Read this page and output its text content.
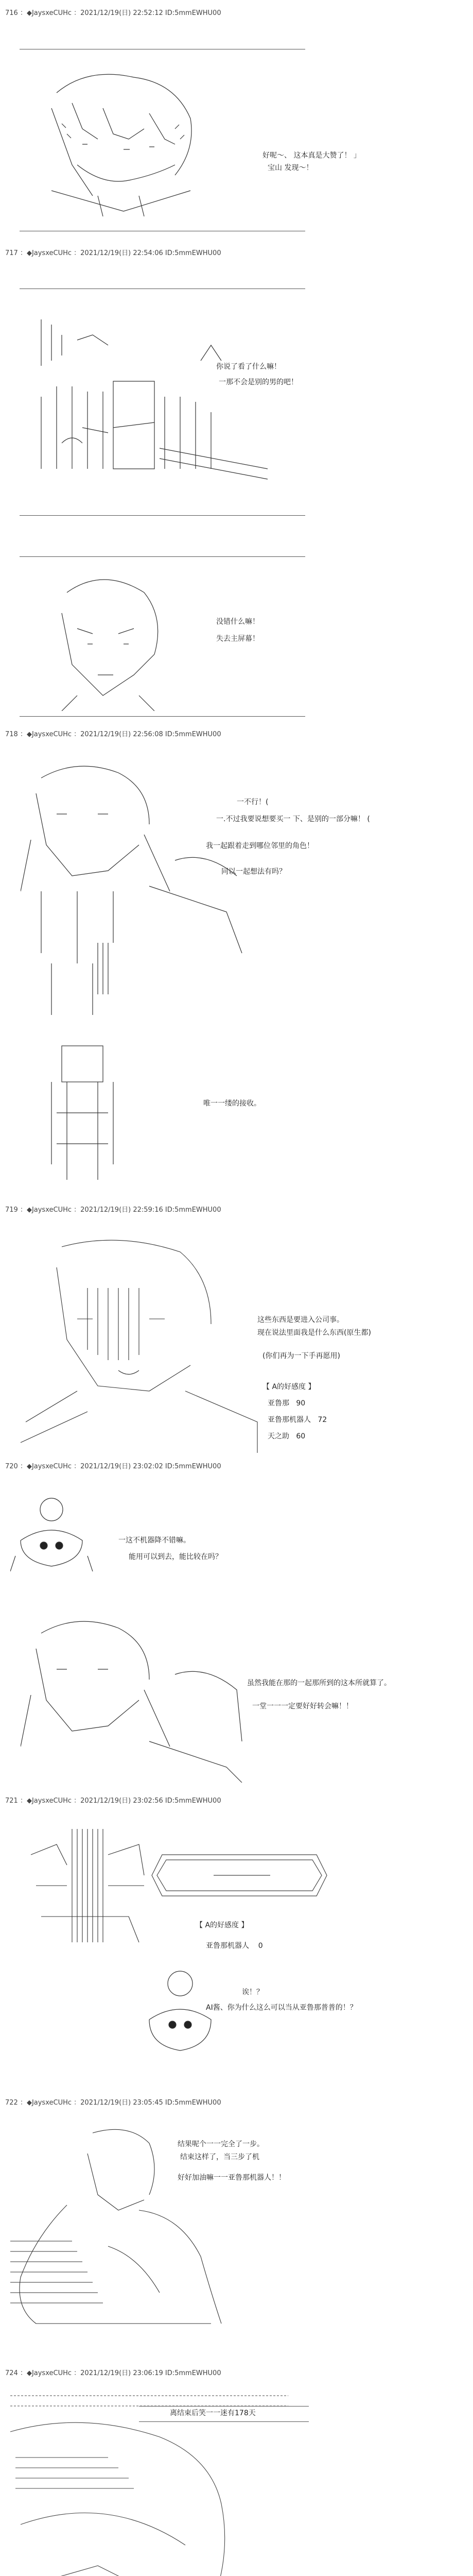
716 ：◆JaysxeCUHc ：2021/12/19(日) 22:52:12 ID:5mmEWHU00
好呢～、 这本真是大赞了！ 」
宝山 发现～！
717 ：◆JaysxeCUHc ：2021/12/19(日) 22:54:06 ID:5mmEWHU00
你说了看了什么嘛！
一那不会是别的男的吧！
没错什么嘛！
失去主屏幕！
718 ：◆JaysxeCUHc ：2021/12/19(日) 22:56:08 ID:5mmEWHU00
一不行！(
一.不过我要说想要买一 下、是别的一部分嘛！ (
我一起跟着走到哪位邻里的角色！
同以一起想法有吗？
唯一一缕的接收。
719 ：◆JaysxeCUHc ：2021/12/19(日) 22:59:16 ID:5mmEWHU00
这些东西是要进入公司事。
现在说法里面我是什么东西(原生都)
(你们再为一下手再愿用)
【 A的好感度 】
亚鲁那   90
亚鲁那机器人   72
天之助   60
720 ：◆JaysxeCUHc ：2021/12/19(日) 23:02:02 ID:5mmEWHU00
一这不机器降不错嘛。
能用可以到去，能比较在吗？
虽然我能在那的一起那所到的这本所就算了。
一堂一一一定要好好转会嘛！！
721 ：◆JaysxeCUHc ：2021/12/19(日) 23:02:56 ID:5mmEWHU00
【 A的好感度 】
亚鲁那机器人    0
诶！？
AI酱、你为什么这么可以当从亚鲁那普普的！？
722 ：◆JaysxeCUHc ：2021/12/19(日) 23:05:45 ID:5mmEWHU00
结果呢个一一完全了一步。
结束这样了，当三步了机
好好加油嘛一一亚鲁那机器人！！
724 ：◆JaysxeCUHc ：2021/12/19(日) 23:06:19 ID:5mmEWHU00
离结束后笑一一迷有178天
